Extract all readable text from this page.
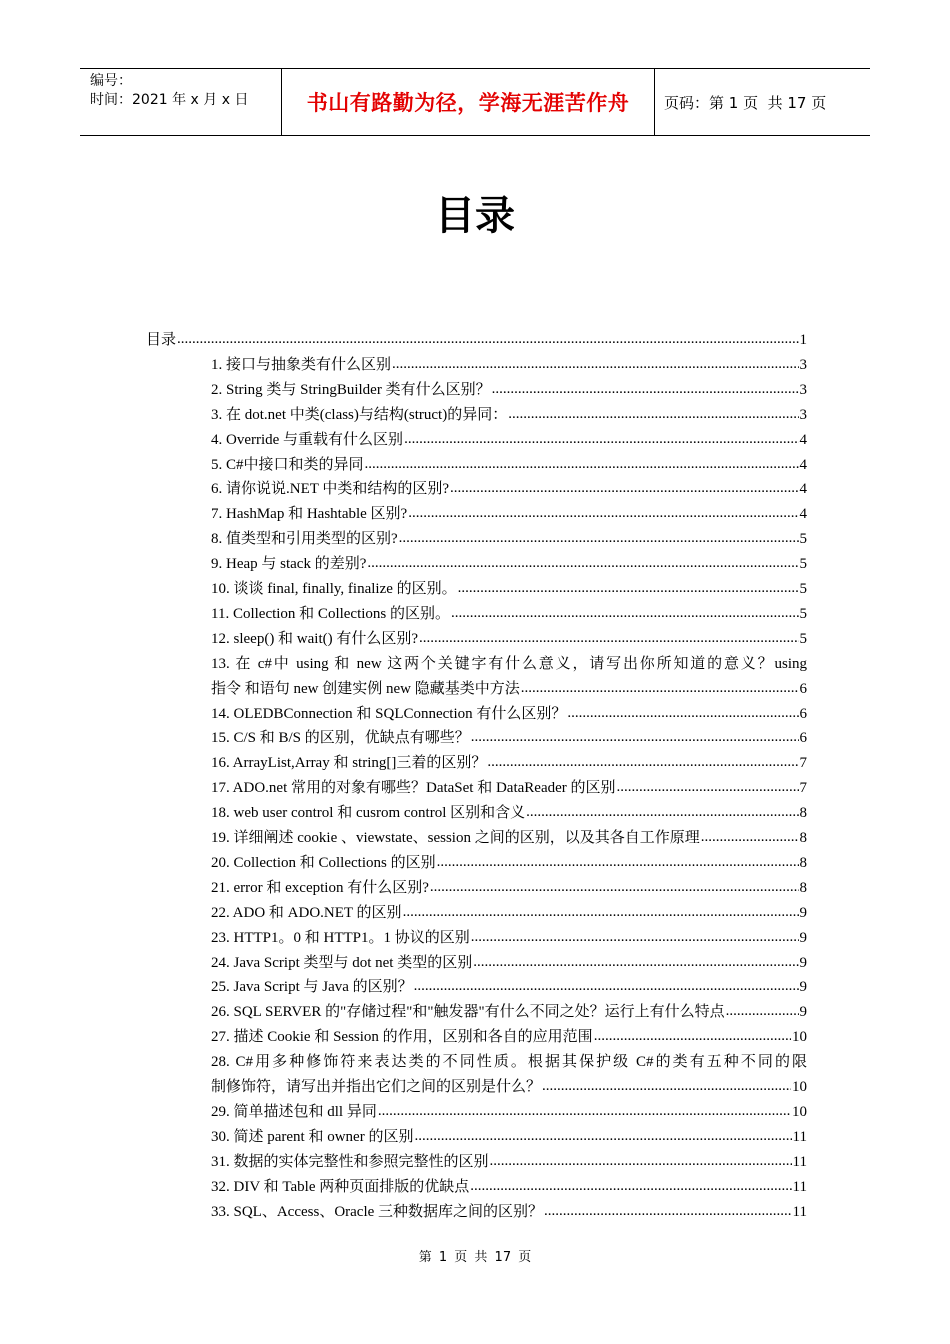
编号：
时间：2021 年 x 月 x 日	书山有路勤为径，学海无涯苦作舟	页码：第 1 页  共 17 页
目录
目录 .....	1
1. 接口与抽象类有什么区别 .....	3
2. String 类与 StringBuilder 类有什么区别？ .....	3
3. 在 dot.net 中类(class)与结构(struct)的异同： .....	3
4. Override 与重载有什么区别 .....	4
5. C#中接口和类的异同 .....	4
6. 请你说说.NET 中类和结构的区别? .....	4
7. HashMap 和 Hashtable 区别? .....	4
8. 值类型和引用类型的区别? .....	5
9. Heap 与 stack 的差别? .....	5
10. 谈谈 final, finally, finalize 的区别。 .....	5
11. Collection 和 Collections 的区别。 .....	5
12. sleep() 和 wait() 有什么区别? .....	5
13. 在 c#中 using 和 new 这两个关键字有什么意义，请写出你所知道的意义？using
指令 和语句 new 创建实例 new 隐藏基类中方法 .....	6
14. OLEDBConnection 和 SQLConnection 有什么区别？ .....	6
15. C/S 和 B/S 的区别，优缺点有哪些？ .....	6
16. ArrayList,Array 和 string[]三着的区别？ .....	7
17. ADO.net 常用的对象有哪些？DataSet 和 DataReader 的区别 .....	7
18. web user control 和 cusrom control 区别和含义 .....	8
19. 详细阐述 cookie 、viewstate、session 之间的区别，以及其各自工作原理 .....	8
20. Collection 和 Collections 的区别 .....	8
21. error 和 exception 有什么区别? .....	8
22. ADO 和 ADO.NET 的区别 .....	9
23. HTTP1。0 和 HTTP1。1 协议的区别 .....	9
24. Java Script 类型与 dot net 类型的区别 .....	9
25. Java Script 与 Java 的区别？ .....	9
26. SQL SERVER 的"存储过程"和"触发器"有什么不同之处？运行上有什么特点 .....	9
27. 描述 Cookie 和 Session 的作用，区别和各自的应用范围 .....	10
28. C#用多种修饰符来表达类的不同性质。根据其保护级 C#的类有五种不同的限
制修饰符，请写出并指出它们之间的区别是什么？ .....	10
29. 简单描述包和 dll 异同 .....	10
30. 简述 parent 和 owner 的区别 .....	11
31. 数据的实体完整性和参照完整性的区别 .....	11
32. DIV 和 Table 两种页面排版的优缺点 .....	11
33. SQL、Access、Oracle 三种数据库之间的区别？ .....	11
第 1 页 共 17 页
